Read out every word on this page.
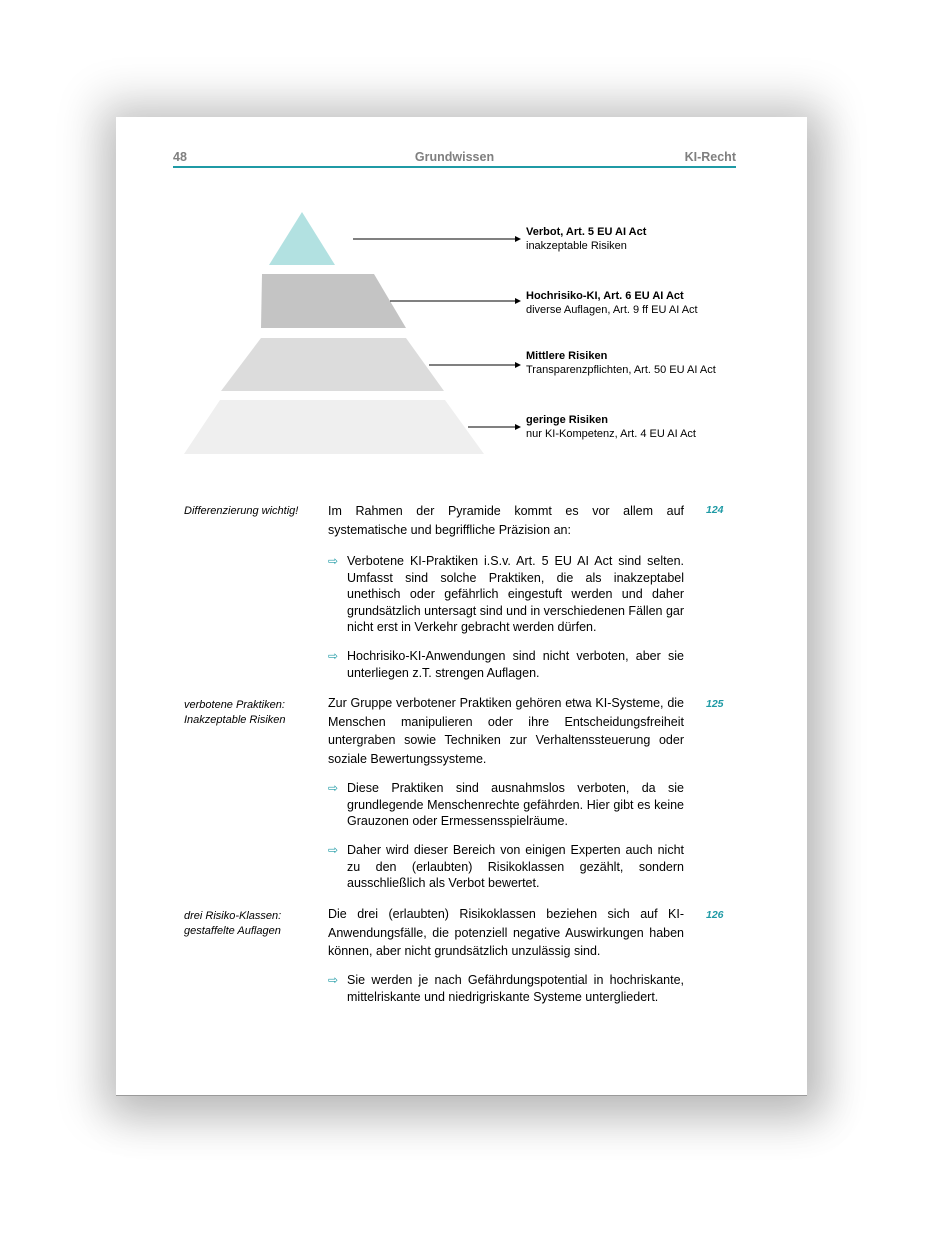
48	Grundwissen	KI-Recht
Verbot, Art. 5 EU AI Act
inakzeptable Risiken
Hochrisiko-KI, Art. 6 EU AI Act
diverse Auflagen, Art. 9 ff EU AI Act
Mittlere Risiken
Transparenzpflichten, Art. 50 EU AI Act
geringe Risiken
nur KI-Kompetenz, Art. 4 EU AI Act
Differenzierung wichtig!	124
Im Rahmen der Pyramide kommt es vor allem auf systematische und begriffliche Präzision an:
⇨ Verbotene KI-Praktiken i.S.v. Art. 5 EU AI Act sind selten. Umfasst sind solche Praktiken, die als inakzeptabel unethisch oder gefährlich eingestuft werden und daher grundsätzlich untersagt sind und in verschiedenen Fällen gar nicht erst in Verkehr gebracht werden dürfen.
⇨ Hochrisiko-KI-Anwendungen sind nicht verboten, aber sie unterliegen z.T. strengen Auflagen.
verbotene Praktiken: Inakzeptable Risiken
125
Zur Gruppe verbotener Praktiken gehören etwa KI-Systeme, die Menschen manipulieren oder ihre Entscheidungsfreiheit untergraben sowie Techniken zur Verhaltenssteuerung oder soziale Bewertungssysteme.
⇨ Diese Praktiken sind ausnahmslos verboten, da sie grundlegende Menschenrechte gefährden. Hier gibt es keine Grauzonen oder Ermessensspielräume.
⇨ Daher wird dieser Bereich von einigen Experten auch nicht zu den (erlaubten) Risikoklassen gezählt, sondern ausschließlich als Verbot bewertet.
drei Risiko-Klassen: gestaffelte Auflagen
126
Die drei (erlaubten) Risikoklassen beziehen sich auf KI-Anwendungsfälle, die potenziell negative Auswirkungen haben können, aber nicht grundsätzlich unzulässig sind.
⇨ Sie werden je nach Gefährdungspotential in hochriskante, mittelriskante und niedrigriskante Systeme untergliedert.
